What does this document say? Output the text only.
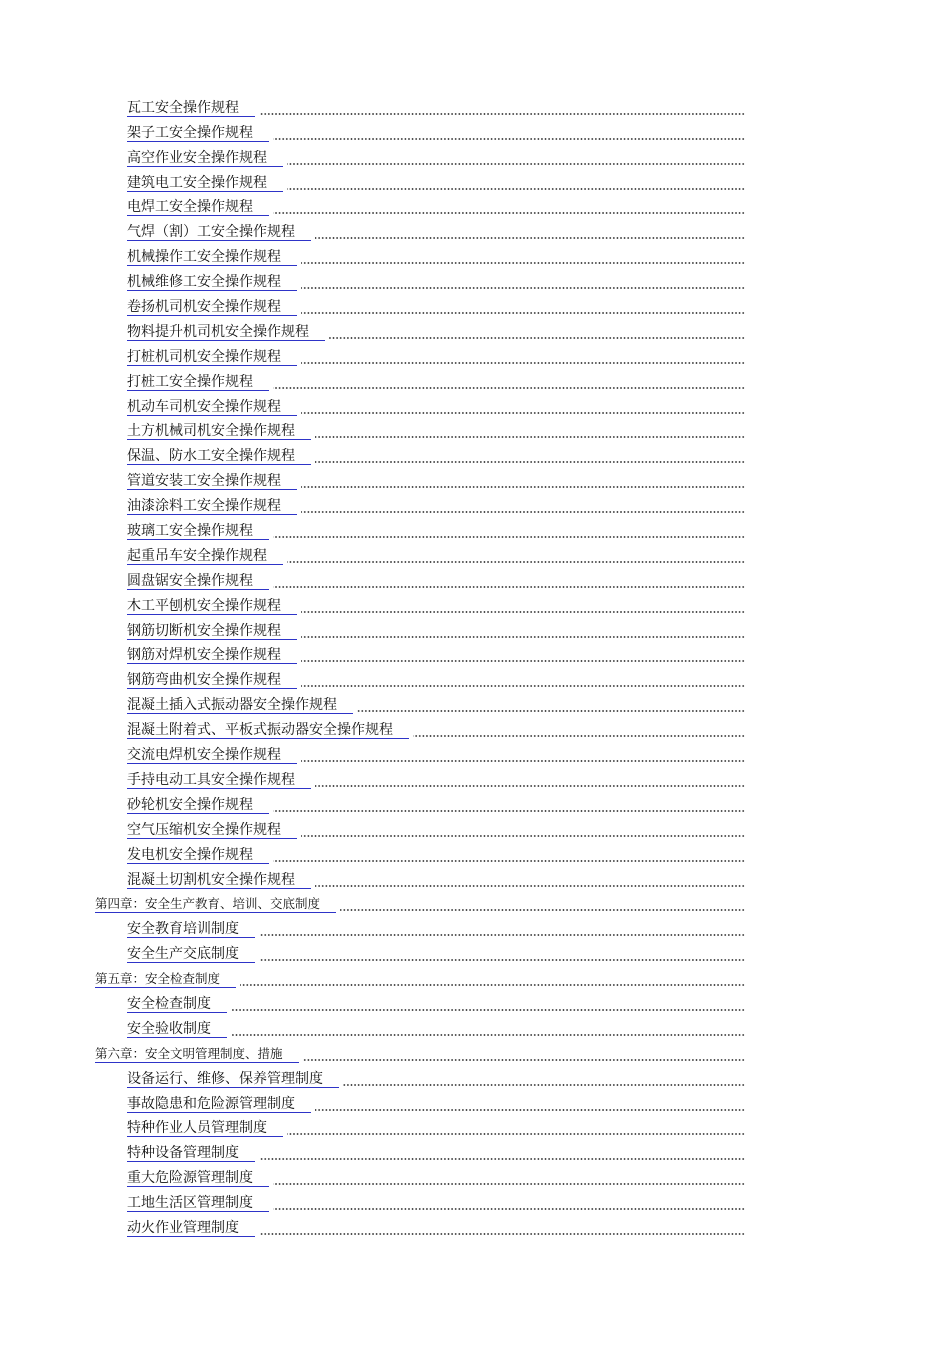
瓦工安全操作规程
架子工安全操作规程
高空作业安全操作规程
建筑电工安全操作规程
电焊工安全操作规程
气焊（割）工安全操作规程
机械操作工安全操作规程
机械维修工安全操作规程
卷扬机司机安全操作规程
物料提升机司机安全操作规程
打桩机司机安全操作规程
打桩工安全操作规程
机动车司机安全操作规程
土方机械司机安全操作规程
保温、防水工安全操作规程
管道安装工安全操作规程
油漆涂料工安全操作规程
玻璃工安全操作规程
起重吊车安全操作规程
圆盘锯安全操作规程
木工平刨机安全操作规程
钢筋切断机安全操作规程
钢筋对焊机安全操作规程
钢筋弯曲机安全操作规程
混凝土插入式振动器安全操作规程
混凝土附着式、平板式振动器安全操作规程
交流电焊机安全操作规程
手持电动工具安全操作规程
砂轮机安全操作规程
空气压缩机安全操作规程
发电机安全操作规程
混凝土切割机安全操作规程
第四章：安全生产教育、培训、交底制度
安全教育培训制度
安全生产交底制度
第五章：安全检查制度
安全检查制度
安全验收制度
第六章：安全文明管理制度、措施
设备运行、维修、保养管理制度
事故隐患和危险源管理制度
特种作业人员管理制度
特种设备管理制度
重大危险源管理制度
工地生活区管理制度
动火作业管理制度
